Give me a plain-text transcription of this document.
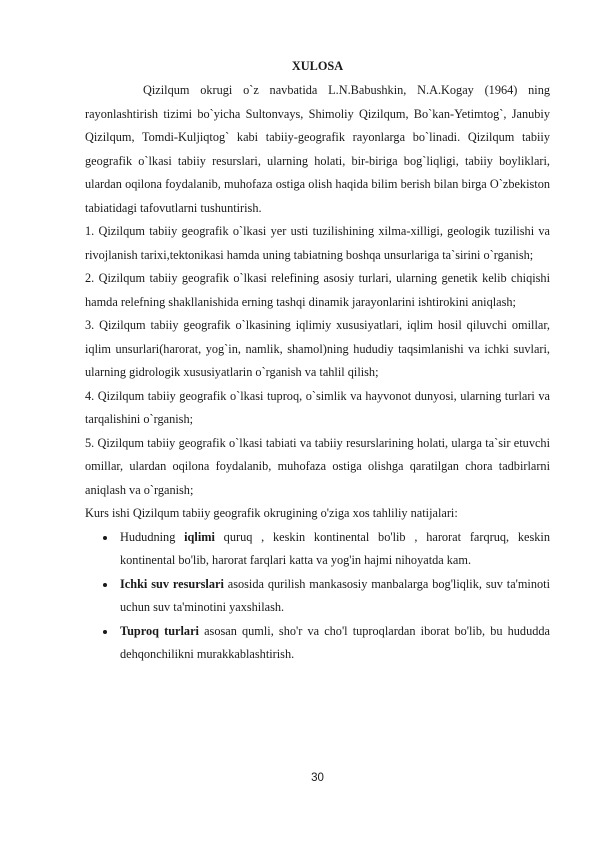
XULOSA

Qizilqum okrugi o`z navbatida L.N.Babushkin, N.A.Kogay (1964) ning rayonlashtirish tizimi bo`yicha Sultonvays, Shimoliy Qizilqum, Bo`kan-Yetimtog`, Janubiy Qizilqum, Tomdi-Kuljiqtog` kabi tabiiy-geografik rayonlarga bo`linadi. Qizilqum tabiiy geografik o`lkasi tabiiy resurslari, ularning holati, bir-biriga bog`liqligi, tabiiy boyliklari, ulardan oqilona foydalanib, muhofaza ostiga olish haqida bilim berish bilan birga O`zbekiston tabiatidagi tafovutlarni tushuntirish.

1. Qizilqum tabiiy geografik o`lkasi yer usti tuzilishining xilma-xilligi, geologik tuzilishi va rivojlanish tarixi,tektonikasi hamda uning tabiatning boshqa unsurlariga ta`sirini o`rganish;

2. Qizilqum tabiiy geografik o`lkasi relefining asosiy turlari, ularning genetik kelib chiqishi hamda relefning shakllanishida erning tashqi dinamik jarayonlarini ishtirokini aniqlash;

3. Qizilqum tabiiy geografik o`lkasining iqlimiy xususiyatlari, iqlim hosil qiluvchi omillar, iqlim unsurlari(harorat, yog`in, namlik, shamol)ning hududiy taqsimlanishi va ichki suvlari, ularning gidrologik xususiyatlarin o`rganish va tahlil qilish;

4. Qizilqum tabiiy geografik o`lkasi tuproq, o`simlik va hayvonot dunyosi, ularning turlari va tarqalishini o`rganish;

5. Qizilqum tabiiy geografik o`lkasi tabiati va tabiiy resurslarining holati, ularga ta`sir etuvchi omillar, ulardan oqilona foydalanib, muhofaza ostiga olishga qaratilgan chora tadbirlarni aniqlash va o`rganish;

Kurs ishi Qizilqum tabiiy geografik okrugining o'ziga xos tahliliy natijalari:

Hududning iqlimi quruq , keskin kontinental bo'lib , harorat farqruq, keskin kontinental bo'lib, harorat farqlari katta va yog'in hajmi nihoyatda kam.
Ichki suv resurslari asosida qurilish mankasosiy manbalarga bog'liqlik, suv ta'minoti uchun suv ta'minotini yaxshilash.
Tuproq turlari asosan qumli, sho'r va cho'l tuproqlardan iborat bo'lib, bu hududda dehqonchilikni murakkablashtirish.
30
